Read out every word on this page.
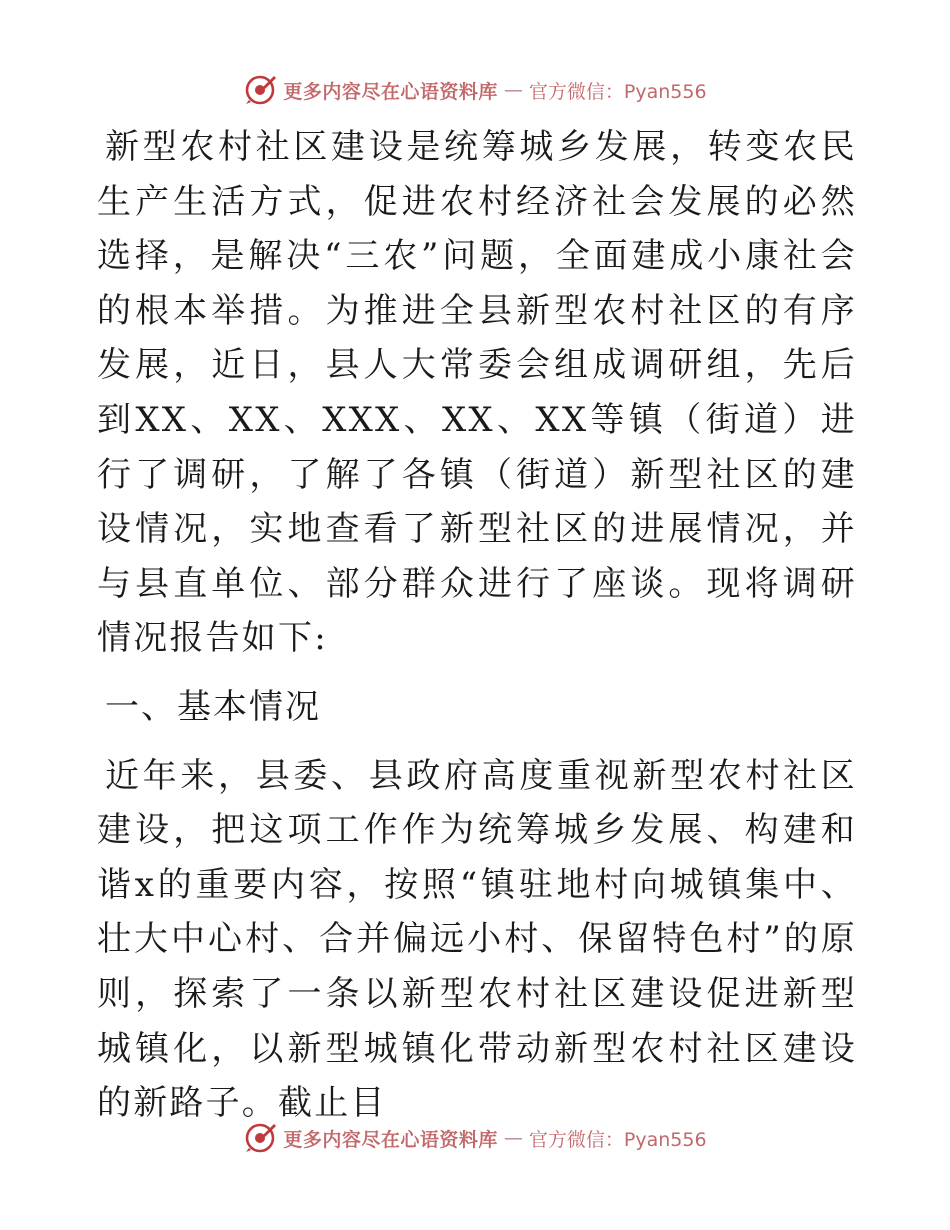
更多内容尽在心语资料库 — 官方微信：Pyan556

新型农村社区建设是统筹城乡发展，转变农民生产生活方式，促进农村经济社会发展的必然选择，是解决“三农”问题，全面建成小康社会的根本举措。为推进全县新型农村社区的有序发展，近日，县人大常委会组成调研组，先后到XX、XX、XXX、XX、XX等镇（街道）进行了调研，了解了各镇（街道）新型社区的建设情况，实地查看了新型社区的进展情况，并与县直单位、部分群众进行了座谈。现将调研情况报告如下:

一、基本情况

近年来，县委、县政府高度重视新型农村社区建设，把这项工作作为统筹城乡发展、构建和谐x的重要内容，按照“镇驻地村向城镇集中、壮大中心村、合并偏远小村、保留特色村”的原则，探索了一条以新型农村社区建设促进新型城镇化，以新型城镇化带动新型农村社区建设的新路子。截止目

更多内容尽在心语资料库 — 官方微信：Pyan556
